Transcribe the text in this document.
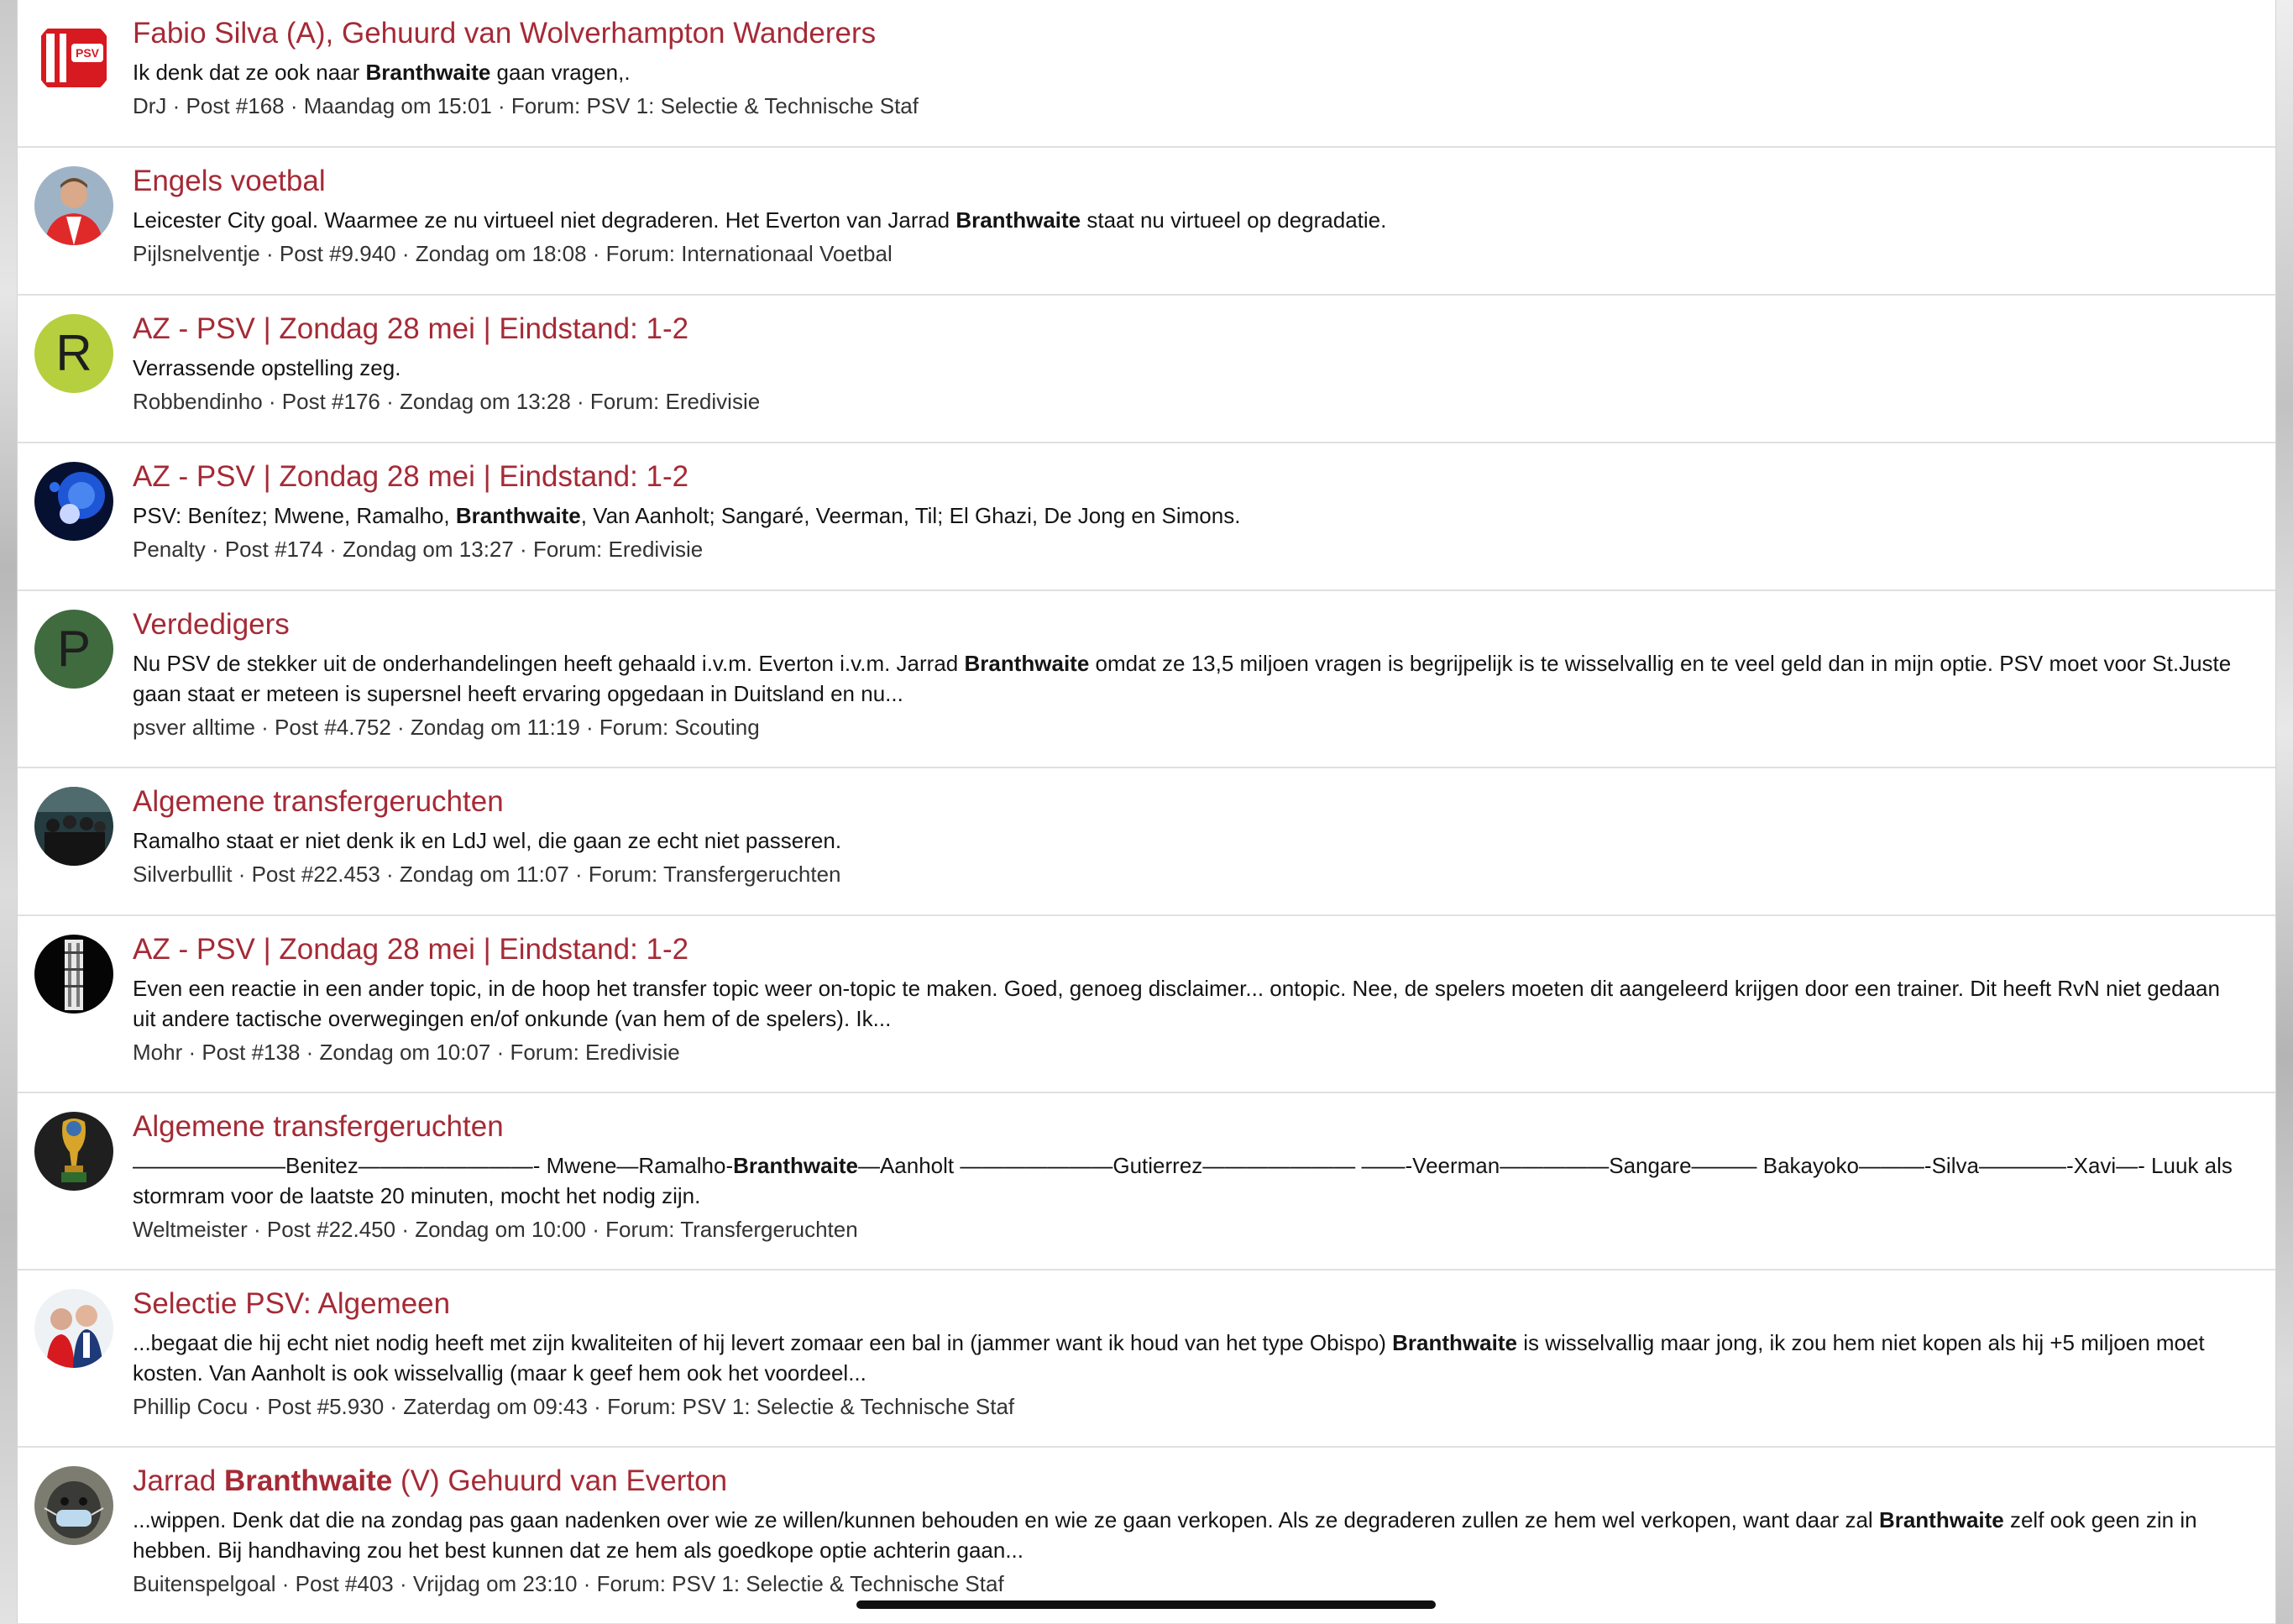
PSV
Fabio Silva (A), Gehuurd van Wolverhampton Wanderers
Ik denk dat ze ook naar Branthwaite gaan vragen,.
DrJ · Post #168 · Maandag om 15:01 · Forum: PSV 1: Selectie & Technische Staf
Engels voetbal
Leicester City goal. Waarmee ze nu virtueel niet degraderen. Het Everton van Jarrad Branthwaite staat nu virtueel op degradatie.
Pijlsnelventje · Post #9.940 · Zondag om 18:08 · Forum: Internationaal Voetbal
R AZ - PSV | Zondag 28 mei | Eindstand: 1-2
Verrassende opstelling zeg.
Robbendinho · Post #176 · Zondag om 13:28 · Forum: Eredivisie
AZ - PSV | Zondag 28 mei | Eindstand: 1-2
PSV: Benítez; Mwene, Ramalho, Branthwaite, Van Aanholt; Sangaré, Veerman, Til; El Ghazi, De Jong en Simons.
Penalty · Post #174 · Zondag om 13:27 · Forum: Eredivisie
P Verdedigers
Nu PSV de stekker uit de onderhandelingen heeft gehaald i.v.m. Everton i.v.m. Jarrad Branthwaite omdat ze 13,5 miljoen vragen is begrijpelijk is te wisselvallig en te veel geld dan in mijn optie. PSV moet voor St.Juste gaan staat er meteen is supersnel heeft ervaring opgedaan in Duitsland en nu...
psver alltime · Post #4.752 · Zondag om 11:19 · Forum: Scouting
Algemene transfergeruchten
Ramalho staat er niet denk ik en LdJ wel, die gaan ze echt niet passeren.
Silverbullit · Post #22.453 · Zondag om 11:07 · Forum: Transfergeruchten
AZ - PSV | Zondag 28 mei | Eindstand: 1-2
Even een reactie in een ander topic, in de hoop het transfer topic weer on-topic te maken. Goed, genoeg disclaimer... ontopic. Nee, de spelers moeten dit aangeleerd krijgen door een trainer. Dit heeft RvN niet gedaan uit andere tactische overwegingen en/of onkunde (van hem of de spelers). Ik...
Mohr · Post #138 · Zondag om 10:07 · Forum: Eredivisie
Algemene transfergeruchten
———————Benitez————————- Mwene—Ramalho-Branthwaite—Aanholt ———————Gutierrez——————— ——-Veerman—————Sangare——— Bakayoko———-Silva————-Xavi—- Luuk als stormram voor de laatste 20 minuten, mocht het nodig zijn.
Weltmeister · Post #22.450 · Zondag om 10:00 · Forum: Transfergeruchten
Selectie PSV: Algemeen
...begaat die hij echt niet nodig heeft met zijn kwaliteiten of hij levert zomaar een bal in (jammer want ik houd van het type Obispo) Branthwaite is wisselvallig maar jong, ik zou hem niet kopen als hij +5 miljoen moet kosten. Van Aanholt is ook wisselvallig (maar k geef hem ook het voordeel...
Phillip Cocu · Post #5.930 · Zaterdag om 09:43 · Forum: PSV 1: Selectie & Technische Staf
Jarrad Branthwaite (V) Gehuurd van Everton
...wippen. Denk dat die na zondag pas gaan nadenken over wie ze willen/kunnen behouden en wie ze gaan verkopen. Als ze degraderen zullen ze hem wel verkopen, want daar zal Branthwaite zelf ook geen zin in hebben. Bij handhaving zou het best kunnen dat ze hem als goedkope optie achterin gaan...
Buitenspelgoal · Post #403 · Vrijdag om 23:10 · Forum: PSV 1: Selectie & Technische Staf
